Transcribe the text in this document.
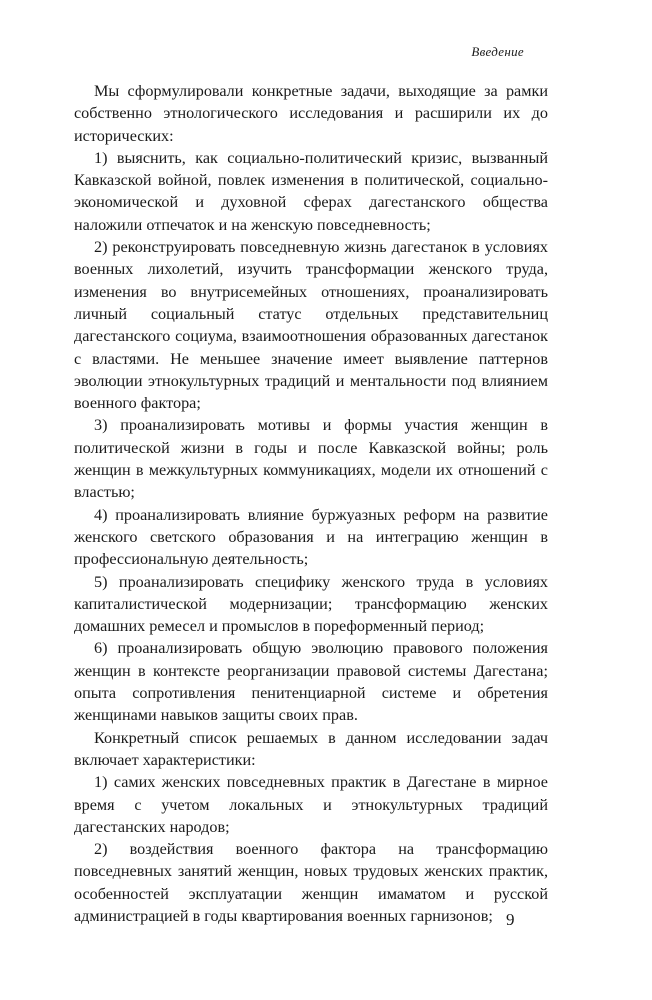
Введение

Мы сформулировали конкретные задачи, выходящие за рамки собственно этнологического исследования и расширили их до исторических:

1) выяснить, как социально-политический кризис, вызванный Кавказской войной, повлек изменения в политической, социально-экономической и духовной сферах дагестанского общества наложили отпечаток и на женскую повседневность;

2) реконструировать повседневную жизнь дагестанок в условиях военных лихолетий, изучить трансформации женского труда, изменения во внутрисемейных отношениях, проанализировать личный социальный статус отдельных представительниц дагестанского социума, взаимоотношения образованных дагестанок с властями. Не меньшее значение имеет выявление паттернов эволюции этнокультурных традиций и ментальности под влиянием военного фактора;

3) проанализировать мотивы и формы участия женщин в политической жизни в годы и после Кавказской войны; роль женщин в межкультурных коммуникациях, модели их отношений с властью;

4) проанализировать влияние буржуазных реформ на развитие женского светского образования и на интеграцию женщин в профессиональную деятельность;

5) проанализировать специфику женского труда в условиях капиталистической модернизации; трансформацию женских домашних ремесел и промыслов в пореформенный период;

6) проанализировать общую эволюцию правового положения женщин в контексте реорганизации правовой системы Дагестана; опыта сопротивления пенитенциарной системе и обретения женщинами навыков защиты своих прав.

Конкретный список решаемых в данном исследовании задач включает характеристики:

1) самих женских повседневных практик в Дагестане в мирное время с учетом локальных и этнокультурных традиций дагестанских народов;

2) воздействия военного фактора на трансформацию повседневных занятий женщин, новых трудовых женских практик, особенностей эксплуатации женщин имаматом и русской администрацией в годы квартирования военных гарнизонов; 9
